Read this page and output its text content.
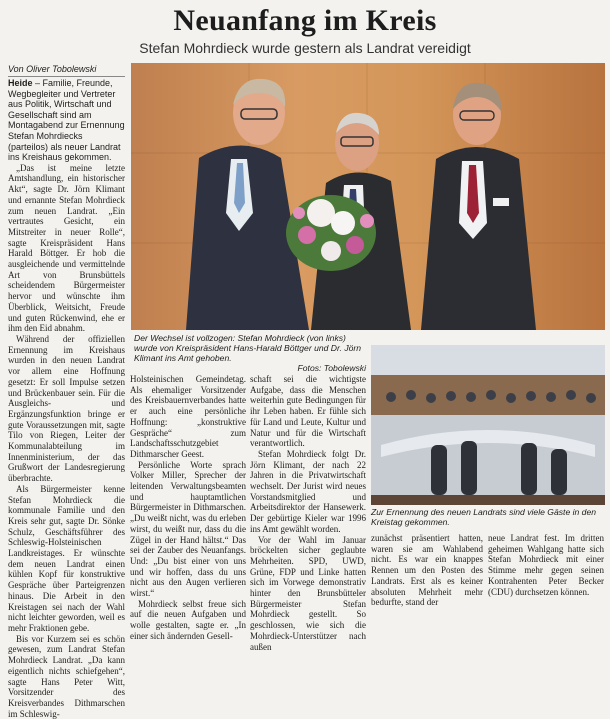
Neuanfang im Kreis
Stefan Mohrdieck wurde gestern als Landrat vereidigt
Von Oliver Tobolewski

Heide – Familie, Freunde, Wegbegleiter und Vertreter aus Politik, Wirtschaft und Gesellschaft sind am Montagabend zur Ernennung Stefan Mohrdiecks (parteilos) als neuer Landrat ins Kreishaus gekommen.

„Das ist meine letzte Amtshandlung, ein historischer Akt“, sagte Dr. Jörn Klimant und ernannte Stefan Mohrdieck zum neuen Landrat. „Ein vertrautes Gesicht, ein Mitstreiter in neuer Rolle“, sagte Kreispräsident Hans Harald Böttger. Er hob die ausgleichende und vermittelnde Art von Brunsbüttels scheidendem Bürgermeister hervor und wünschte ihm Überblick, Weitsicht, Freude und guten Rückenwind, ehe er ihm den Eid abnahm.

Während der offiziellen Ernennung im Kreishaus wurden in den neuen Landrat vor allem eine Hoffnung gesetzt: Er soll Impulse setzen und Brückenbauer sein. Für die Ausgleichs- und Ergänzungsfunktion bringe er gute Voraussetzungen mit, sagte Tilo von Riegen, Leiter der Kommunalabteilung im Innenministerium, der das Grußwort der Landesregierung überbrachte.

Als Bürgermeister kenne Stefan Mohrdieck die kommunale Familie und den Kreis sehr gut, sagte Dr. Sönke Schulz, Geschäftsführer des Schleswig-Holsteinischen Landkreistages. Er wünschte dem neuen Landrat einen kühlen Kopf für konstruktive Gespräche über Parteigrenzen hinaus. Die Arbeit in den Kreistagen sei nach der Wahl nicht leichter geworden, weil es mehr Fraktionen gebe.

Bis vor Kurzem sei es schön gewesen, zum Landrat Stefan Mohrdieck Landrat. „Da kann eigentlich nichts schiefgehen“, sagte Hans Peter Witt, Vorsitzender des Kreisverbandes Dithmarschen im Schleswig-

Der Wechsel ist vollzogen: Stefan Mohrdieck (von links) wurde von Kreispräsident Hans-Harald Böttger und Dr. Jörn Klimant ins Amt gehoben.
Fotos: Tobolewski

Holsteinischen Gemeindetag. Als ehemaliger Vorsitzender des Kreisbauernverbandes hatte er auch eine persönliche Hoffnung: „konstruktive Gespräche“ zum Landschaftsschutzgebiet Dithmarscher Geest.

Persönliche Worte sprach Volker Miller, Sprecher der leitenden Verwaltungsbeamten und hauptamtlichen Bürgermeister in Dithmarschen. „Du weißt nicht, was du erleben wirst, du weißt nur, dass du die Zügel in der Hand hältst.“ Das sei der Zauber des Neuanfangs. Und: „Du bist einer von uns und wir hoffen, dass du uns nicht aus den Augen verlieren wirst.“

Mohrdieck selbst freue sich auf die neuen Aufgaben und wolle gestalten, sagte er. „In einer sich ändernden Gesell-

schaft sei die wichtigste Aufgabe, dass die Menschen weiterhin gute Bedingungen für ihr Leben haben. Er fühle sich für Land und Leute, Kultur und Natur und für die Wirtschaft verantwortlich.

Stefan Mohrdieck folgt Dr. Jörn Klimant, der nach 22 Jahren in die Privatwirtschaft wechselt. Der Jurist wird neues Vorstandsmitglied und Arbeitsdirektor der Hansewerk. Der gebürtige Kieler war 1996 ins Amt gewählt worden.

Vor der Wahl im Januar bröckelten sicher geglaubte Mehrheiten. SPD, UWD, Grüne, FDP und Linke hatten sich im Vorwege demonstrativ hinter den Brunsbütteler Bürgermeister Stefan Mohrdieck gestellt. So geschlossen, wie sich die Mohrdieck-Unterstützer nach außen

Zur Ernennung des neuen Landrats sind viele Gäste in den Kreistag gekommen.

zunächst präsentiert hatten, waren sie am Wahlabend nicht. Es war ein knappes Rennen um den Posten des Landrats. Erst als es keiner absoluten Mehrheit mehr bedurfte, stand der

neue Landrat fest. Im dritten geheimen Wahlgang hatte sich Stefan Mohrdieck mit einer Stimme mehr gegen seinen Kontrahenten Peter Becker (CDU) durchsetzen können.
